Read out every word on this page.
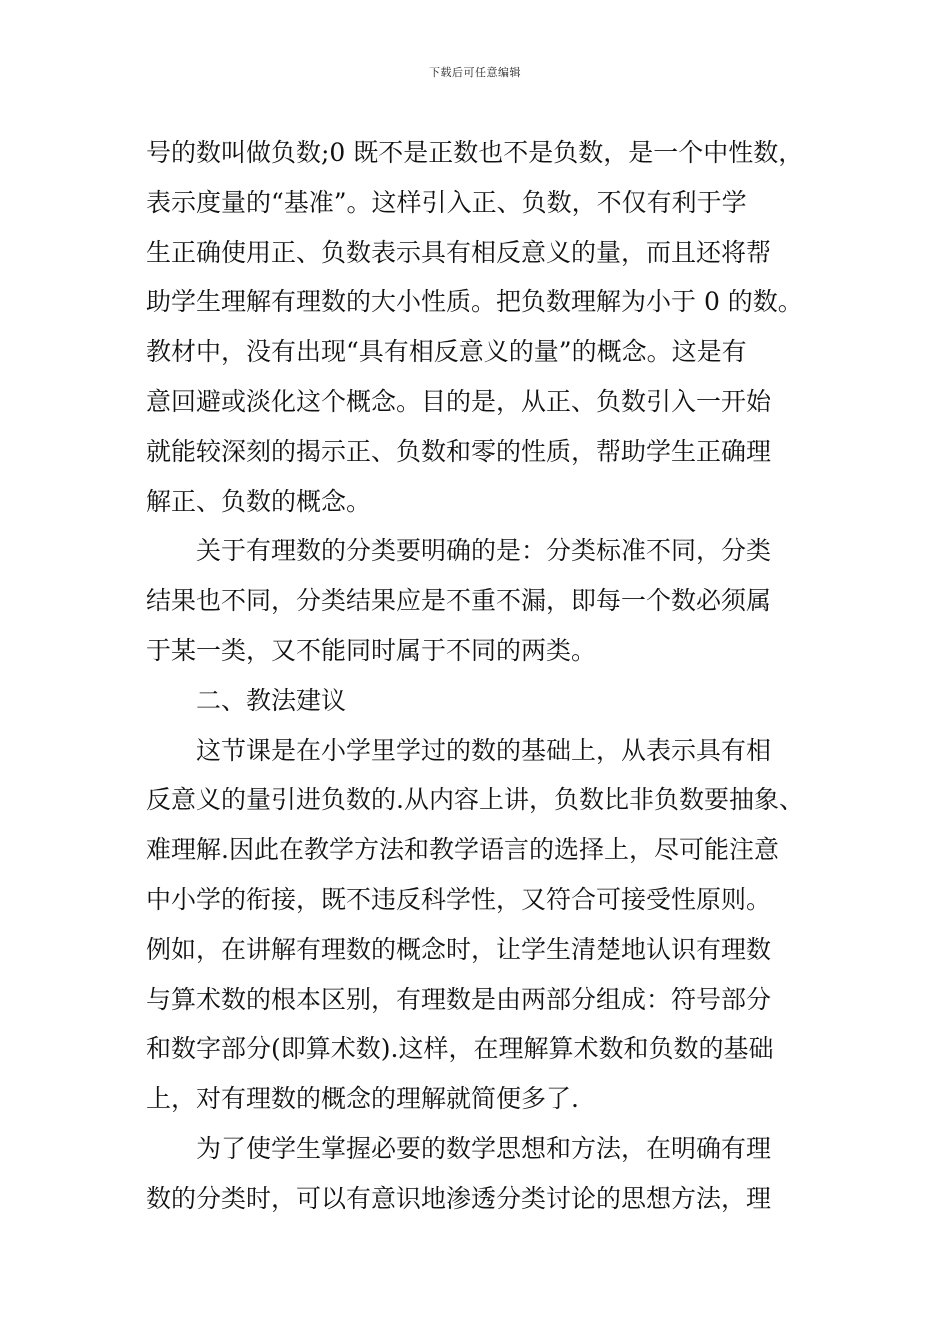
下载后可任意编辑
号的数叫做负数;0 既不是正数也不是负数，是一个中性数，
表示度量的“基准”。这样引入正、负数，不仅有利于学
生正确使用正、负数表示具有相反意义的量，而且还将帮
助学生理解有理数的大小性质。把负数理解为小于 0 的数。
教材中，没有出现“具有相反意义的量”的概念。这是有
意回避或淡化这个概念。目的是，从正、负数引入一开始
就能较深刻的揭示正、负数和零的性质，帮助学生正确理
解正、负数的概念。
关于有理数的分类要明确的是：分类标准不同，分类
结果也不同，分类结果应是不重不漏，即每一个数必须属
于某一类，又不能同时属于不同的两类。
二、教法建议
这节课是在小学里学过的数的基础上，从表示具有相
反意义的量引进负数的.从内容上讲，负数比非负数要抽象、
难理解.因此在教学方法和教学语言的选择上，尽可能注意
中小学的衔接，既不违反科学性，又符合可接受性原则。
例如，在讲解有理数的概念时，让学生清楚地认识有理数
与算术数的根本区别，有理数是由两部分组成：符号部分
和数字部分(即算术数).这样，在理解算术数和负数的基础
上，对有理数的概念的理解就简便多了.
为了使学生掌握必要的数学思想和方法，在明确有理
数的分类时，可以有意识地渗透分类讨论的思想方法，理
